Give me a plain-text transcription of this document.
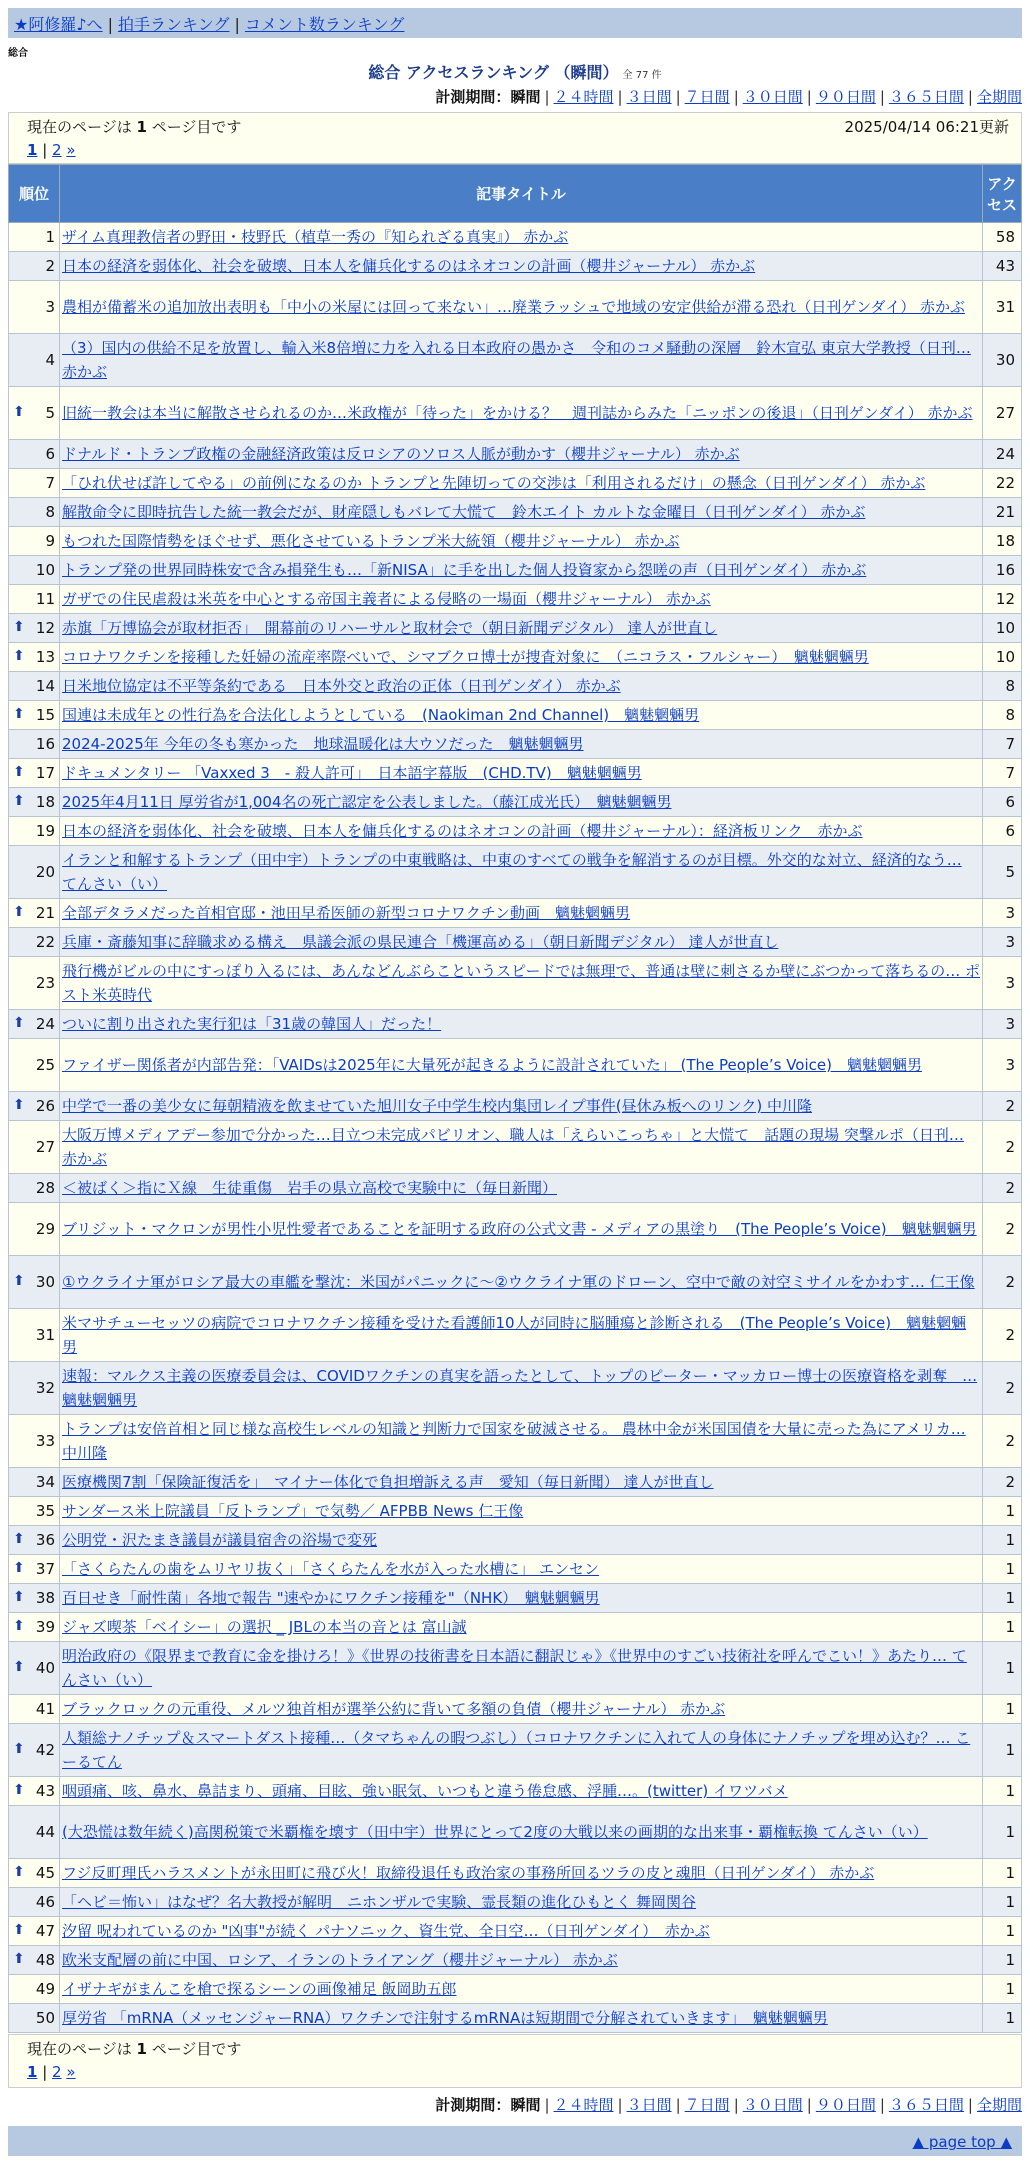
★阿修羅♪へ | 拍手ランキング | コメント数ランキング
総合
総合 アクセスランキング （瞬間） 全 77 件
計測期間：瞬間 | ２４時間 | ３日間 | ７日間 | ３０日間 | ９０日間 | ３６５日間 | 全期間
現在のページは 1 ページ目です	2025/04/14 06:21更新
1 | 2 »
順位	記事タイトル	アクセス
1	ザイム真理教信者の野田・枝野氏（植草一秀の『知られざる真実』） 赤かぶ	58
2	日本の経済を弱体化、社会を破壊、日本人を傭兵化するのはネオコンの計画（櫻井ジャーナル） 赤かぶ	43
3	農相が備蓄米の追加放出表明も「中小の米屋には回って来ない」…廃業ラッシュで地域の安定供給が滞る恐れ（日刊ゲンダイ） 赤かぶ	31
4	（3）国内の供給不足を放置し、輸入米8倍増に力を入れる日本政府の愚かさ　令和のコメ騒動の深層　鈴木宣弘 東京大学教授（日刊… 赤かぶ	30

⬆ 5	旧統一教会は本当に解散させられるのか…米政権が「待った」をかける？　週刊誌からみた「ニッポンの後退」（日刊ゲンダイ） 赤かぶ	27
6	ドナルド・トランプ政権の金融経済政策は反ロシアのソロス人脈が動かす（櫻井ジャーナル） 赤かぶ	24
7	「ひれ伏せば許してやる」の前例になるのか トランプと先陣切っての交渉は「利用されるだけ」の懸念（日刊ゲンダイ） 赤かぶ	22
8	解散命令に即時抗告した統一教会だが、財産隠しもバレて大慌て　鈴木エイト カルトな金曜日（日刊ゲンダイ） 赤かぶ	21
9	もつれた国際情勢をほぐせず、悪化させているトランプ米大統領（櫻井ジャーナル） 赤かぶ	18
10	トランプ発の世界同時株安で含み損発生も…「新NISA」に手を出した個人投資家から怨嗟の声（日刊ゲンダイ） 赤かぶ	16
11	ガザでの住民虐殺は米英を中心とする帝国主義者による侵略の一場面（櫻井ジャーナル） 赤かぶ	12

⬆ 12	赤旗「万博協会が取材拒否」　開幕前のリハーサルと取材会で（朝日新聞デジタル） 達人が世直し	10

⬆ 13	コロナワクチンを接種した妊婦の流産率際べいで、シマブクロ博士が捜査対象に　（ニコラス・フルシャー）　魑魅魍魎男	10
14	日米地位協定は不平等条約である　日本外交と政治の正体（日刊ゲンダイ） 赤かぶ	8

⬆ 15	国連は未成年との性行為を合法化しようとしている　(Naokiman 2nd Channel)　魑魅魍魎男	8
16	2024-2025年 今年の冬も寒かった　地球温暖化は大ウソだった　魑魅魍魎男	7

⬆ 17	ドキュメンタリー 「Vaxxed 3　- 殺人許可」　日本語字幕版　(CHD.TV)　魑魅魍魎男	7

⬆ 18	2025年4月11日 厚労省が1,004名の死亡認定を公表しました。（藤江成光氏）　魑魅魍魎男	6
19	日本の経済を弱体化、社会を破壊、日本人を傭兵化するのはネオコンの計画（櫻井ジャーナル）：経済板リンク　赤かぶ	6
20	イランと和解するトランプ（田中宇）トランプの中東戦略は、中東のすべての戦争を解消するのが目標。外交的な対立、経済的なう… てんさい（い）	5

⬆ 21	全部デタラメだった首相官邸・池田早希医師の新型コロナワクチン動画　魑魅魍魎男	3
22	兵庫・斎藤知事に辞職求める構え　県議会派の県民連合「機運高める」（朝日新聞デジタル） 達人が世直し	3
23	飛行機がビルの中にすっぽり入るには、あんなどんぶらこというスピードでは無理で、普通は壁に刺さるか壁にぶつかって落ちるの… ポスト米英時代	3

⬆ 24	ついに割り出された実行犯は「31歳の韓国人」だった！	3
25	ファイザー関係者が内部告発：「VAIDsは2025年に大量死が起きるように設計されていた」 (The People’s Voice)　魑魅魍魎男	3

⬆ 26	中学で一番の美少女に毎朝精液を飲ませていた旭川女子中学生校内集団レイプ事件(昼休み板へのリンク) 中川隆	2
27	大阪万博メディアデー参加で分かった…目立つ未完成パビリオン、職人は「えらいこっちゃ」と大慌て　話題の現場 突撃ルポ（日刊… 赤かぶ	2
28	＜被ばく＞指にＸ線　生徒重傷　岩手の県立高校で実験中に（毎日新聞）	2
29	ブリジット・マクロンが男性小児性愛者であることを証明する政府の公式文書 - メディアの黒塗り　(The People’s Voice)　魑魅魍魎男	2

⬆ 30	①ウクライナ軍がロシア最大の車艦を撃沈：米国がパニックに～②ウクライナ軍のドローン、空中で敵の対空ミサイルをかわす… 仁王像	2
31	米マサチューセッツの病院でコロナワクチン接種を受けた看護師10人が同時に脳腫瘍と診断される　(The People’s Voice)　魑魅魍魎男	2
32	速報：マルクス主義の医療委員会は、COVIDワクチンの真実を語ったとして、トップのピーター・マッカロー博士の医療資格を剥奪　… 魑魅魍魎男	2
33	トランプは安倍首相と同じ様な高校生レベルの知識と判断力で国家を破滅させる。 農林中金が米国国債を大量に売った為にアメリカ… 中川隆	2
34	医療機関7割「保険証復活を」　マイナー体化で負担増訴える声　愛知（毎日新聞） 達人が世直し	2
35	サンダース米上院議員「反トランプ」で気勢／ AFPBB News 仁王像	1

⬆ 36	公明党・沢たまき議員が議員宿舎の浴場で変死	1

⬆ 37	「さくらたんの歯をムリヤリ抜く」「さくらたんを水が入った水槽に」 エンセン	1

⬆ 38	百日せき「耐性菌」各地で報告 "速やかにワクチン接種を"（NHK）　魑魅魍魎男	1

⬆ 39	ジャズ喫茶「ベイシー」の選択 _ JBLの本当の音とは 富山誠	1

⬆ 40	明治政府の《限界まで教育に金を掛けろ！》《世界の技術書を日本語に翻訳じゃ》《世界中のすごい技術社を呼んでこい！》あたり… てんさい（い）	1
41	ブラックロックの元重役、メルツ独首相が選挙公約に背いて多額の負債（櫻井ジャーナル） 赤かぶ	1

⬆ 42	人類総ナノチップ＆スマートダスト接種…（タマちゃんの暇つぶし）（コロナワクチンに入れて人の身体にナノチップを埋め込む？… こーるてん	1

⬆ 43	咽頭痛、咳、鼻水、鼻詰まり、頭痛、目眩、強い眠気、いつもと違う倦怠感、浮腫…。(twitter) イワツバメ	1
44	(大恐慌は数年続く)高関税策で米覇権を壊す（田中宇）世界にとって2度の大戦以来の画期的な出来事・覇権転換 てんさい（い）	1

⬆ 45	フジ反町理氏ハラスメントが永田町に飛び火！取締役退任も政治家の事務所回るツラの皮と魂胆（日刊ゲンダイ） 赤かぶ	1
46	「ヘビ＝怖い」はなぜ？名大教授が解明　ニホンザルで実験、霊長類の進化ひもとく 舞岡関谷	1

⬆ 47	汐留 呪われているのか "凶事"が続く パナソニック、資生党、全日空…（日刊ゲンダイ）　赤かぶ	1

⬆ 48	欧米支配層の前に中国、ロシア、イランのトライアング（櫻井ジャーナル） 赤かぶ	1
49	イザナギがまんこを槍で探るシーンの画像補足 飯岡助五郎	1
50	厚労省 「mRNA（メッセンジャーRNA）ワクチンで注射するmRNAは短期間で分解されていきます」　魑魅魍魎男	1
現在のページは 1 ページ目です
1 | 2 »
計測期間：瞬間 | ２４時間 | ３日間 | ７日間 | ３０日間 | ９０日間 | ３６５日間 | 全期間
▲ page top ▲
